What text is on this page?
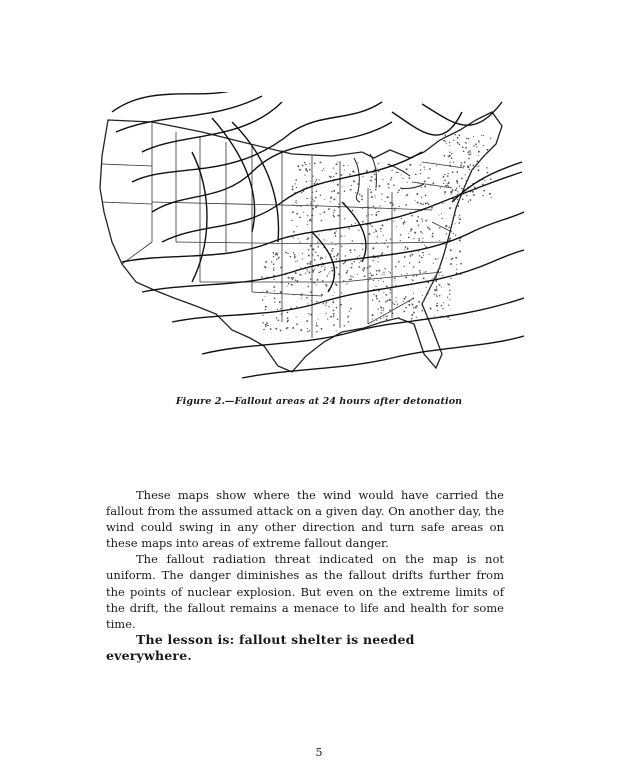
Figure 2.—Fallout areas at 24 hours after detonation

These maps show where the wind would have carried the fallout from the assumed attack on a given day. On another day, the wind could swing in any other direction and turn safe areas on these maps into areas of extreme fallout danger.

The fallout radiation threat indicated on the map is not uniform. The danger diminishes as the fallout drifts further from the points of nuclear explosion. But even on the extreme limits of the drift, the fallout remains a menace to life and health for some time.

The lesson is: fallout shelter is needed everywhere.

5
